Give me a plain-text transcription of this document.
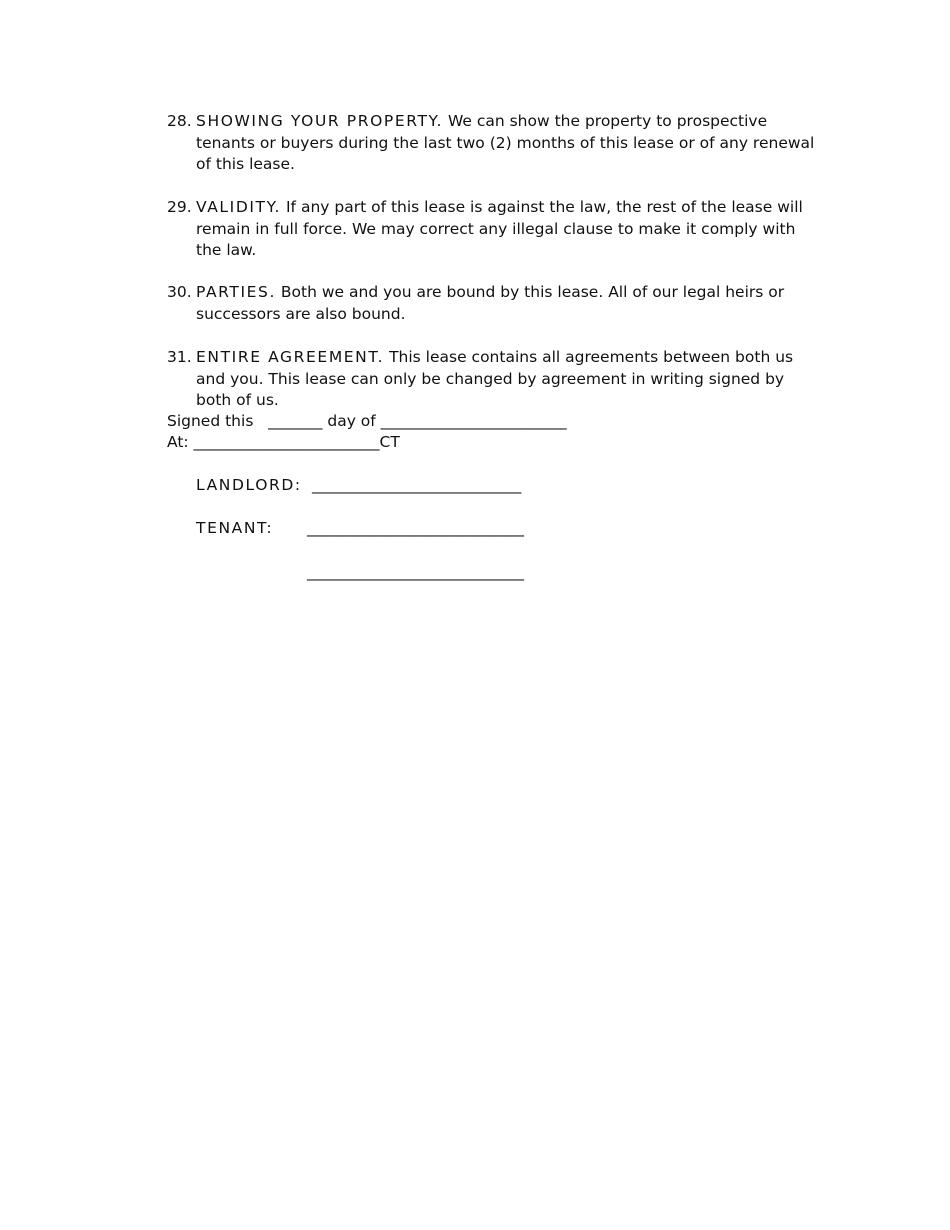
28. SHOWING YOUR PROPERTY. We can show the property to prospective tenants or buyers during the last two (2) months of this lease or of any renewal of this lease.
29. VALIDITY. If any part of this lease is against the law, the rest of the lease will remain in full force. We may correct any illegal clause to make it comply with the law.
30. PARTIES. Both we and you are bound by this lease. All of our legal heirs or successors are also bound.
31. ENTIRE AGREEMENT. This lease contains all agreements between both us and you. This lease can only be changed by agreement in writing signed by both of us.
Signed this   _______ day of ________________________
At: ________________________CT
LANDLORD: ___________________________
TENANT: ____________________________
____________________________
